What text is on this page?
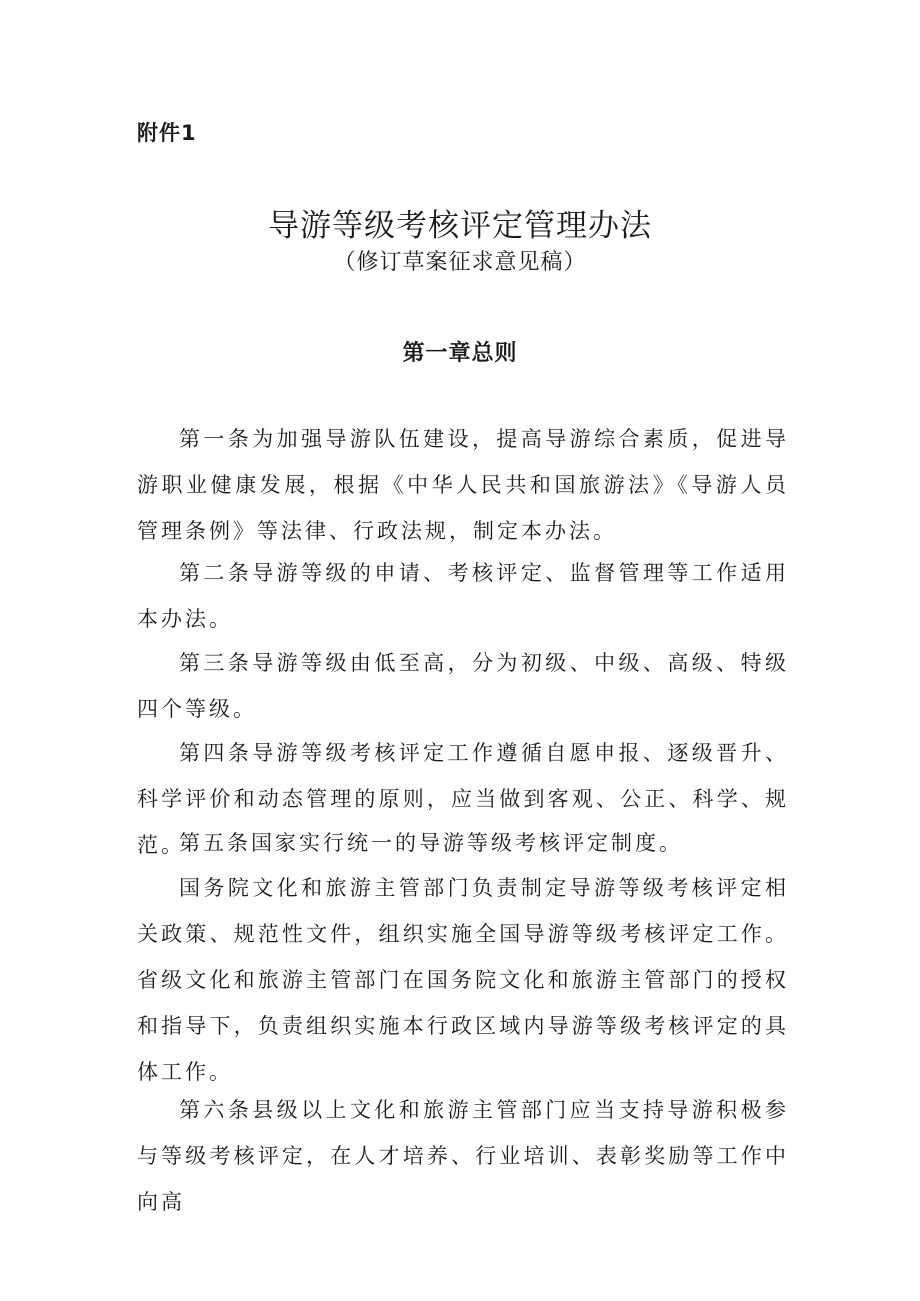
附件1
导游等级考核评定管理办法
（修订草案征求意见稿）
第一章总则

第一条为加强导游队伍建设，提高导游综合素质，促进导游职业健康发展，根据《中华人民共和国旅游法》《导游人员管理条例》等法律、行政法规，制定本办法。

第二条导游等级的申请、考核评定、监督管理等工作适用本办法。

第三条导游等级由低至高，分为初级、中级、高级、特级四个等级。

第四条导游等级考核评定工作遵循自愿申报、逐级晋升、科学评价和动态管理的原则，应当做到客观、公正、科学、规范。

第五条国家实行统一的导游等级考核评定制度。

国务院文化和旅游主管部门负责制定导游等级考核评定相关政策、规范性文件，组织实施全国导游等级考核评定工作。省级文化和旅游主管部门在国务院文化和旅游主管部门的授权和指导下，负责组织实施本行政区域内导游等级考核评定的具体工作。

第六条县级以上文化和旅游主管部门应当支持导游积极参与等级考核评定，在人才培养、行业培训、表彰奖励等工作中向高
